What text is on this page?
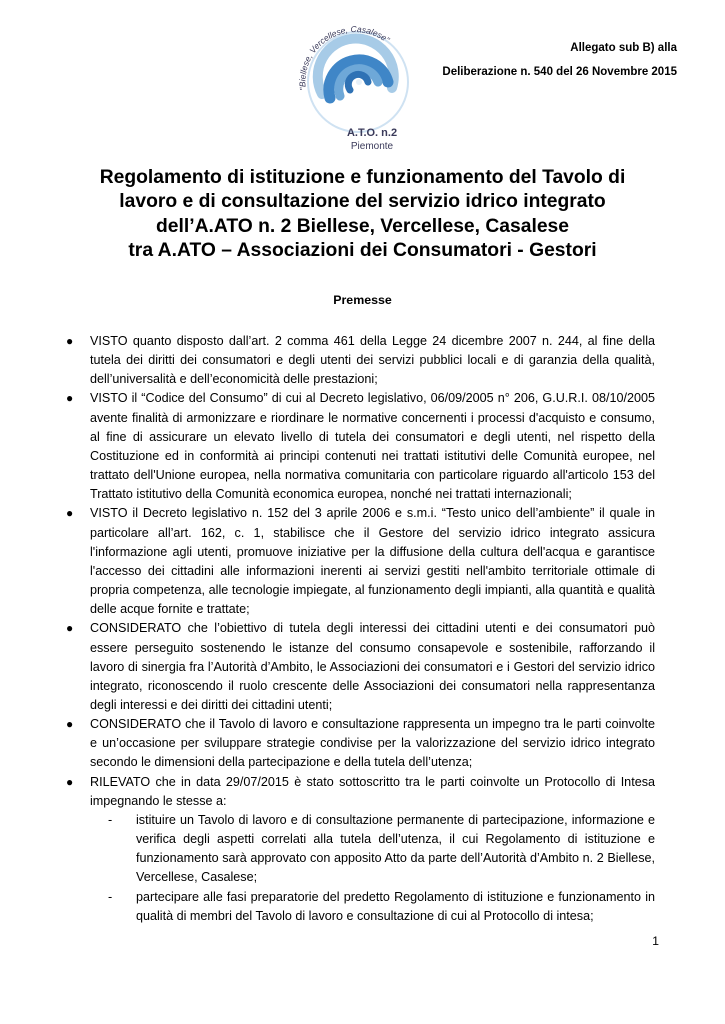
"Biellese, Vercellese, Casalese"
A.T.O. n.2
Piemonte
Allegato sub B) alla
Deliberazione n. 540 del 26 Novembre 2015
Regolamento di istituzione e funzionamento del Tavolo di
lavoro e di consultazione del servizio idrico integrato
dell’A.ATO n. 2 Biellese, Vercellese, Casalese
tra A.ATO – Associazioni dei Consumatori - Gestori
Premesse
● VISTO quanto disposto dall’art. 2 comma 461 della Legge 24 dicembre 2007 n. 244, al fine della tutela dei diritti dei consumatori e degli utenti dei servizi pubblici locali e di garanzia della qualità, dell’universalità e dell’economicità delle prestazioni;
● VISTO il “Codice del Consumo” di cui al Decreto legislativo, 06/09/2005 n° 206, G.U.R.I. 08/10/2005 avente finalità di armonizzare e riordinare le normative concernenti i processi d'acquisto e consumo, al fine di assicurare un elevato livello di tutela dei consumatori e degli utenti, nel rispetto della Costituzione ed in conformità ai principi contenuti nei trattati istitutivi delle Comunità europee, nel trattato dell'Unione europea, nella normativa comunitaria con particolare riguardo all'articolo 153 del Trattato istitutivo della Comunità economica europea, nonché nei trattati internazionali;
● VISTO il Decreto legislativo n. 152 del 3 aprile 2006 e s.m.i. “Testo unico dell’ambiente” il quale in particolare all’art. 162, c. 1, stabilisce che il Gestore del servizio idrico integrato assicura l'informazione agli utenti, promuove iniziative per la diffusione della cultura dell'acqua e garantisce l'accesso dei cittadini alle informazioni inerenti ai servizi gestiti nell'ambito territoriale ottimale di propria competenza, alle tecnologie impiegate, al funzionamento degli impianti, alla quantità e qualità delle acque fornite e trattate;
● CONSIDERATO che l’obiettivo di tutela degli interessi dei cittadini utenti e dei consumatori può essere perseguito sostenendo le istanze del consumo consapevole e sostenibile, rafforzando il lavoro di sinergia fra l’Autorità d’Ambito, le Associazioni dei consumatori e i Gestori del servizio idrico integrato, riconoscendo il ruolo crescente delle Associazioni dei consumatori nella rappresentanza degli interessi e dei diritti dei cittadini utenti;
● CONSIDERATO che il Tavolo di lavoro e consultazione rappresenta un impegno tra le parti coinvolte e un’occasione per sviluppare strategie condivise per la valorizzazione del servizio idrico integrato secondo le dimensioni della partecipazione e della tutela dell’utenza;
● RILEVATO che in data 29/07/2015 è stato sottoscritto tra le parti coinvolte un Protocollo di Intesa impegnando le stesse a:
- istituire un Tavolo di lavoro e di consultazione permanente di partecipazione, informazione e verifica degli aspetti correlati alla tutela dell’utenza, il cui Regolamento di istituzione e funzionamento sarà approvato con apposito Atto da parte dell’Autorità d’Ambito n. 2 Biellese, Vercellese, Casalese;
- partecipare alle fasi preparatorie del predetto Regolamento di istituzione e funzionamento in qualità di membri del Tavolo di lavoro e consultazione di cui al Protocollo di intesa;
1
